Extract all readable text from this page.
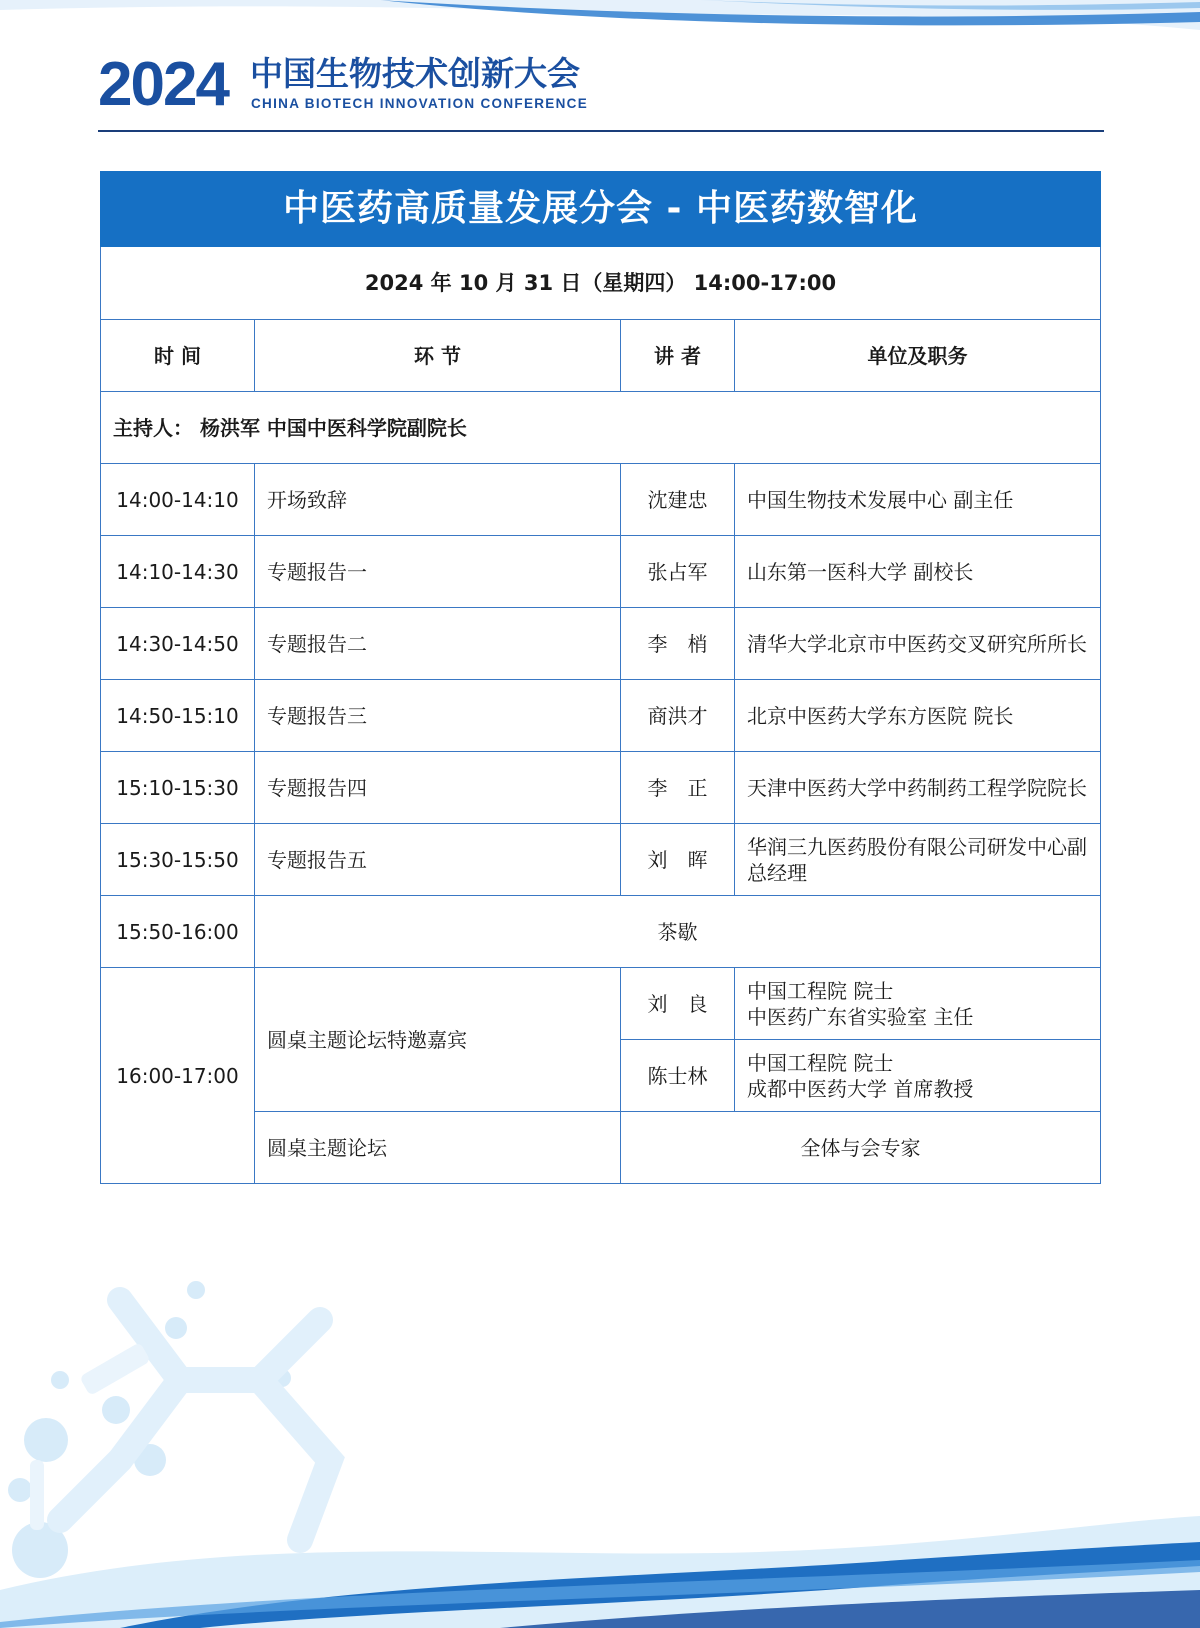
2024 中国生物技术创新大会
CHINA BIOTECH INNOVATION CONFERENCE
中医药高质量发展分会 - 中医药数智化			
2024 年 10 月 31 日（星期四） 14:00-17:00			
时 间	环 节	讲 者	单位及职务
主持人： 杨洪军 中国中医科学院副院长			
14:00-14:10	开场致辞	沈建忠	中国生物技术发展中心 副主任
14:10-14:30	专题报告一	张占军	山东第一医科大学 副校长
14:30-14:50	专题报告二	李　梢	清华大学北京市中医药交叉研究所所长
14:50-15:10	专题报告三	商洪才	北京中医药大学东方医院 院长
15:10-15:30	专题报告四	李　正	天津中医药大学中药制药工程学院院长
15:30-15:50	专题报告五	刘　晖	华润三九医药股份有限公司研发中心副总经理
15:50-16:00	茶歇		
16:00-17:00	圆桌主题论坛特邀嘉宾	刘　良	中国工程院 院士
中医药广东省实验室 主任

		陈士林	中国工程院 院士
成都中医药大学 首席教授

	圆桌主题论坛	全体与会专家	
